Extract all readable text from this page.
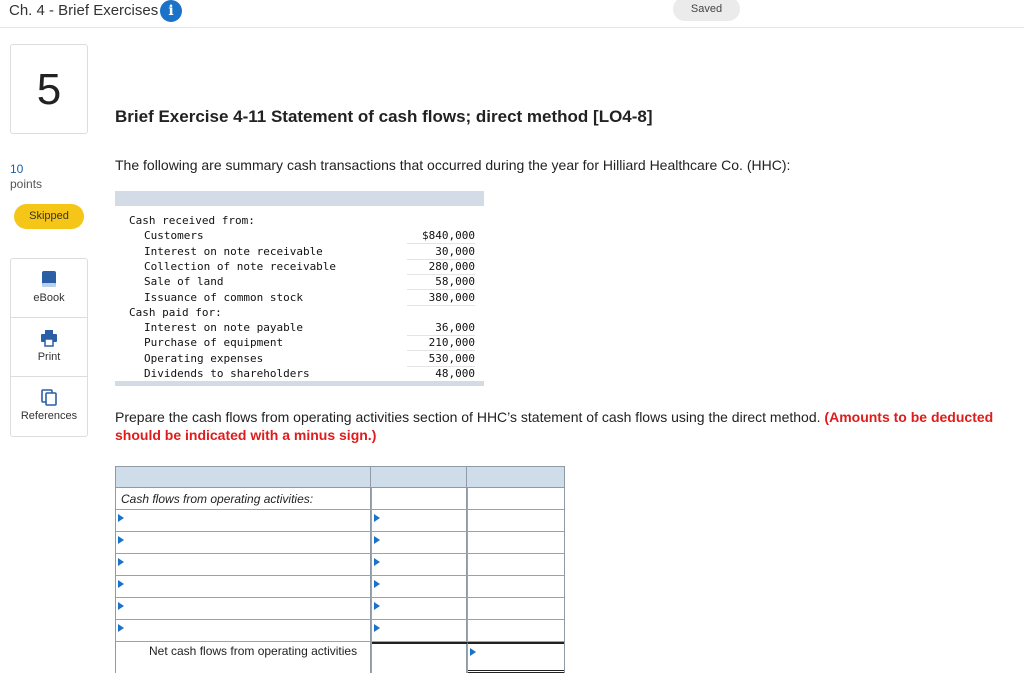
Ch. 4 - Brief Exercises i	Saved
5
10
points
Skipped
eBook
Print
References
Brief Exercise 4-11 Statement of cash flows; direct method [LO4-8]
The following are summary cash transactions that occurred during the year for Hilliard Healthcare Co. (HHC):
Cash received from:
Customers	$840,000
Interest on note receivable	30,000
Collection of note receivable	280,000
Sale of land	58,000
Issuance of common stock	380,000
Cash paid for:
Interest on note payable	36,000
Purchase of equipment	210,000
Operating expenses	530,000
Dividends to shareholders	48,000
Prepare the cash flows from operating activities section of HHC’s statement of cash flows using the direct method. (Amounts to be deducted should be indicated with a minus sign.)
Cash flows from operating activities:
Net cash flows from operating activities
